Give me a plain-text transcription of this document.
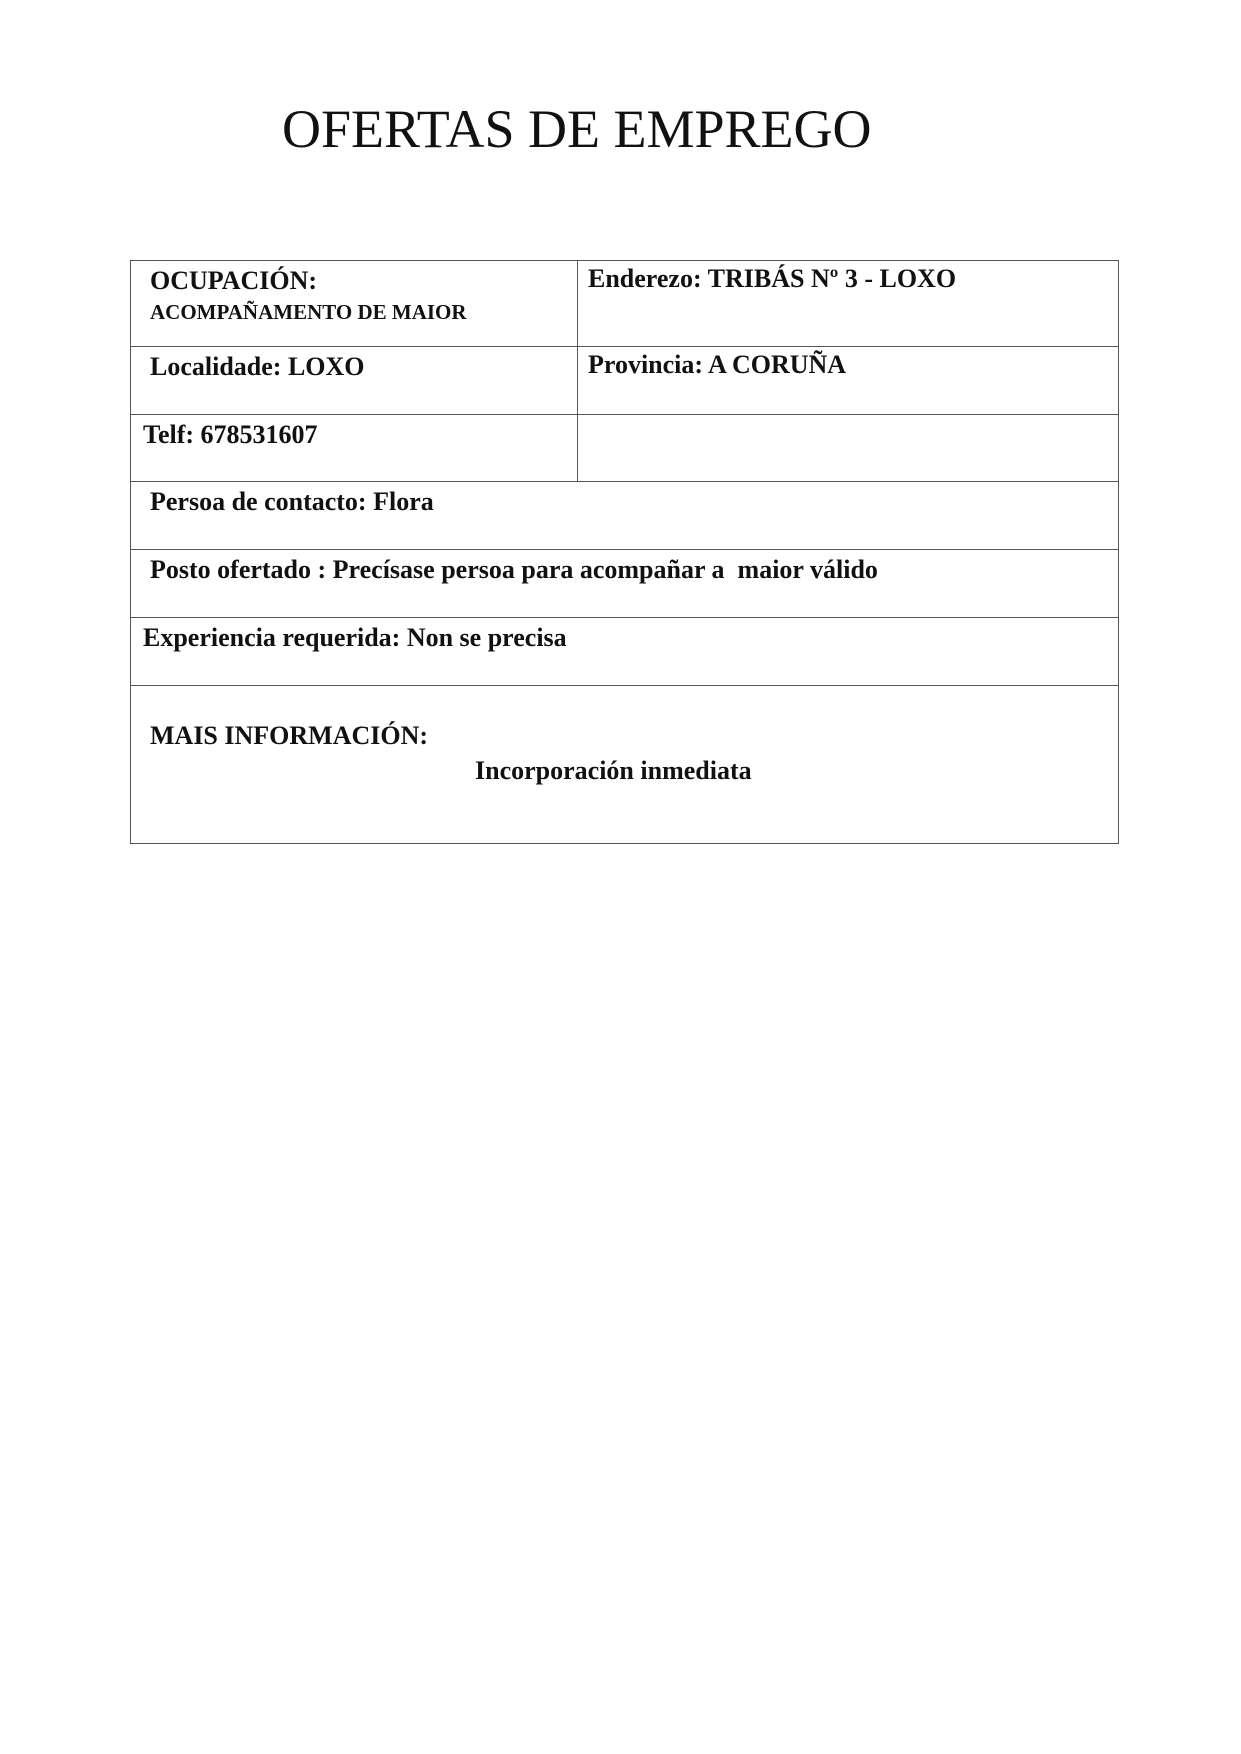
OFERTAS DE EMPREGO
OCUPACIÓN:
ACOMPAÑAMENTO DE MAIOR	Enderezo: TRIBÁS Nº 3 - LOXO

Localidade: LOXO	Provincia: A CORUÑA

Telf: 678531607	

Persoa de contacto: Flora	

Posto ofertado : Precísase persoa para acompañar a  maior válido	

Experiencia requerida: Non se precisa	

MAIS INFORMACIÓN:
Incorporación inmediata	
